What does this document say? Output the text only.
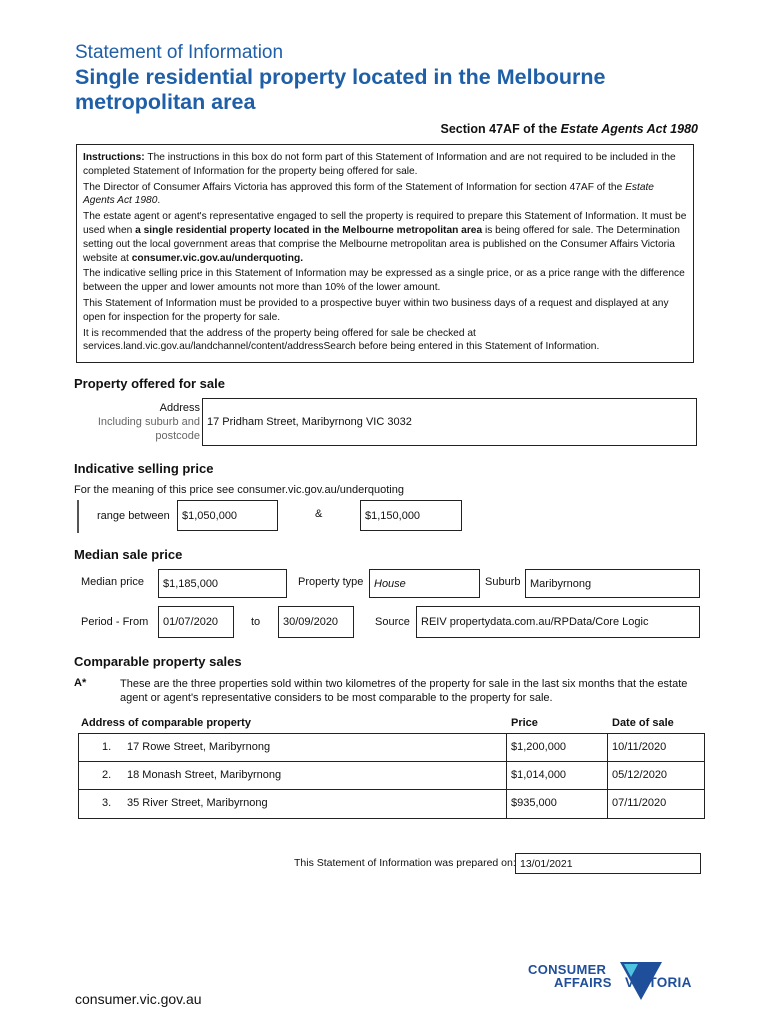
Statement of Information
Single residential property located in the Melbourne metropolitan area
Section 47AF of the Estate Agents Act 1980

Instructions: The instructions in this box do not form part of this Statement of Information and are not required to be included in the completed Statement of Information for the property being offered for sale.

The Director of Consumer Affairs Victoria has approved this form of the Statement of Information for section 47AF of the Estate Agents Act 1980.

The estate agent or agent's representative engaged to sell the property is required to prepare this Statement of Information. It must be used when a single residential property located in the Melbourne metropolitan area is being offered for sale. The Determination setting out the local government areas that comprise the Melbourne metropolitan area is published on the Consumer Affairs Victoria website at consumer.vic.gov.au/underquoting.

The indicative selling price in this Statement of Information may be expressed as a single price, or as a price range with the difference between the upper and lower amounts not more than 10% of the lower amount.

This Statement of Information must be provided to a prospective buyer within two business days of a request and displayed at any open for inspection for the property for sale.

It is recommended that the address of the property being offered for sale be checked at services.land.vic.gov.au/landchannel/content/addressSearch before being entered in this Statement of Information.

Property offered for sale
Address
Including suburb and
postcode
17 Pridham Street, Maribyrnong VIC 3032
Indicative selling price
For the meaning of this price see consumer.vic.gov.au/underquoting
range between	$1,050,000	&	$1,150,000
Median sale price
Median price	$1,185,000	Property type House	Suburb Maribyrnong
Period - From	01/07/2020	to	30/09/2020	Source	REIV propertydata.com.au/RPData/Core Logic
Comparable property sales
A*	These are the three properties sold within two kilometres of the property for sale in the last six months that the estate agent or agent's representative considers to be most comparable to the property for sale.
Address of comparable property	Price	Date of sale
1. 17 Rowe Street, Maribyrnong	$1,200,000	10/11/2020
2. 18 Monash Street, Maribyrnong	$1,014,000	05/12/2020
3. 35 River Street, Maribyrnong	$935,000	07/11/2020
This Statement of Information was prepared on: 13/01/2021
CONSUMER
AFFAIRS VICTORIA
consumer.vic.gov.au
